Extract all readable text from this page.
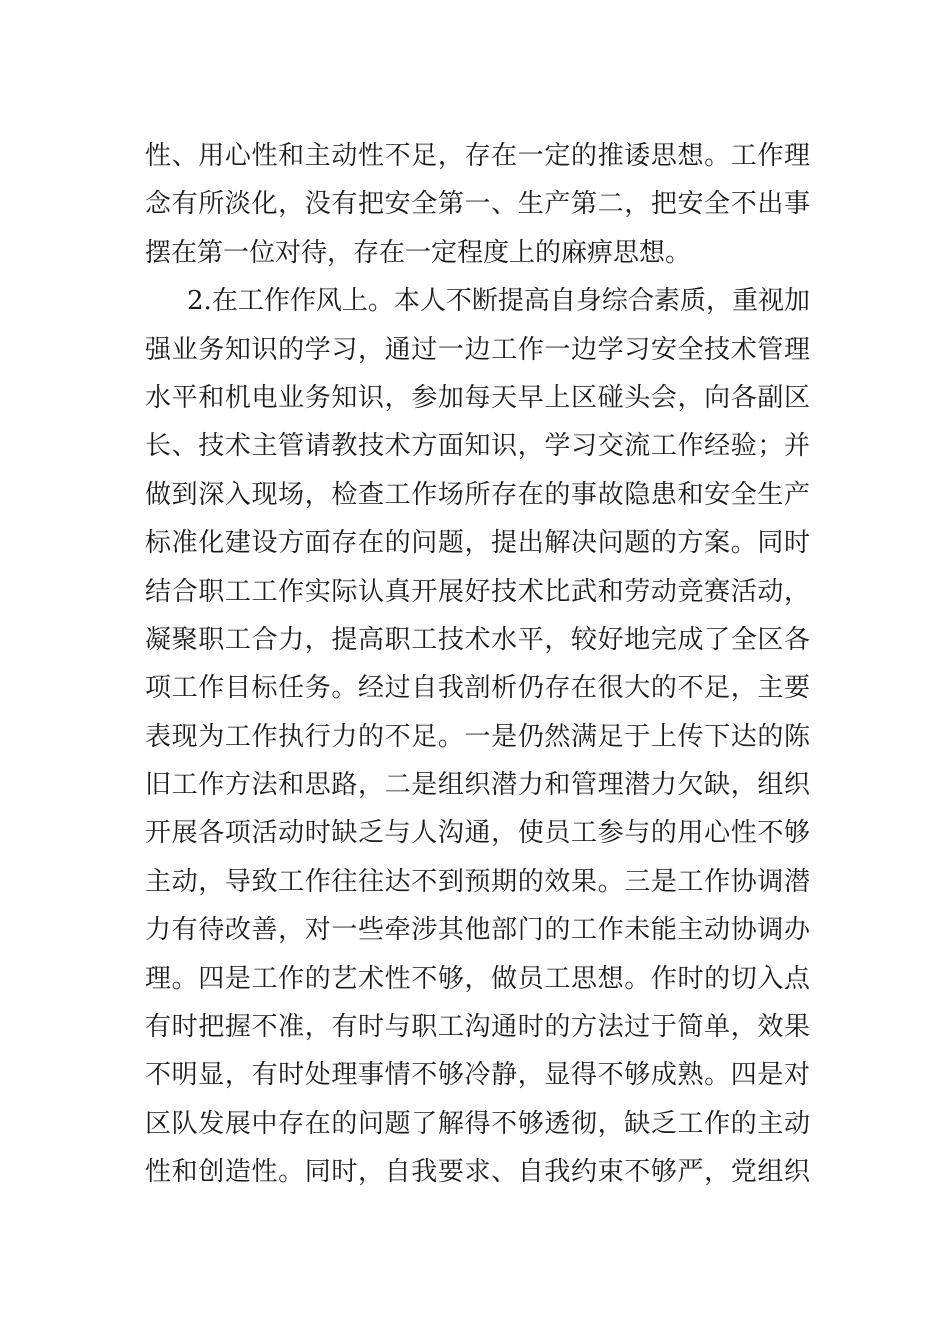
性、用心性和主动性不足，存在一定的推诿思想。工作理
念有所淡化，没有把安全第一、生产第二，把安全不出事
摆在第一位对待，存在一定程度上的麻痹思想。
2.在工作作风上。本人不断提高自身综合素质，重视加
强业务知识的学习，通过一边工作一边学习安全技术管理
水平和机电业务知识，参加每天早上区碰头会，向各副区
长、技术主管请教技术方面知识，学习交流工作经验；并
做到深入现场，检查工作场所存在的事故隐患和安全生产
标准化建设方面存在的问题，提出解决问题的方案。同时
结合职工工作实际认真开展好技术比武和劳动竞赛活动，
凝聚职工合力，提高职工技术水平，较好地完成了全区各
项工作目标任务。经过自我剖析仍存在很大的不足，主要
表现为工作执行力的不足。一是仍然满足于上传下达的陈
旧工作方法和思路，二是组织潜力和管理潜力欠缺，组织
开展各项活动时缺乏与人沟通，使员工参与的用心性不够
主动，导致工作往往达不到预期的效果。三是工作协调潜
力有待改善，对一些牵涉其他部门的工作未能主动协调办
理。四是工作的艺术性不够，做员工思想。作时的切入点
有时把握不准，有时与职工沟通时的方法过于简单，效果
不明显，有时处理事情不够冷静，显得不够成熟。四是对
区队发展中存在的问题了解得不够透彻，缺乏工作的主动
性和创造性。同时，自我要求、自我约束不够严，党组织
